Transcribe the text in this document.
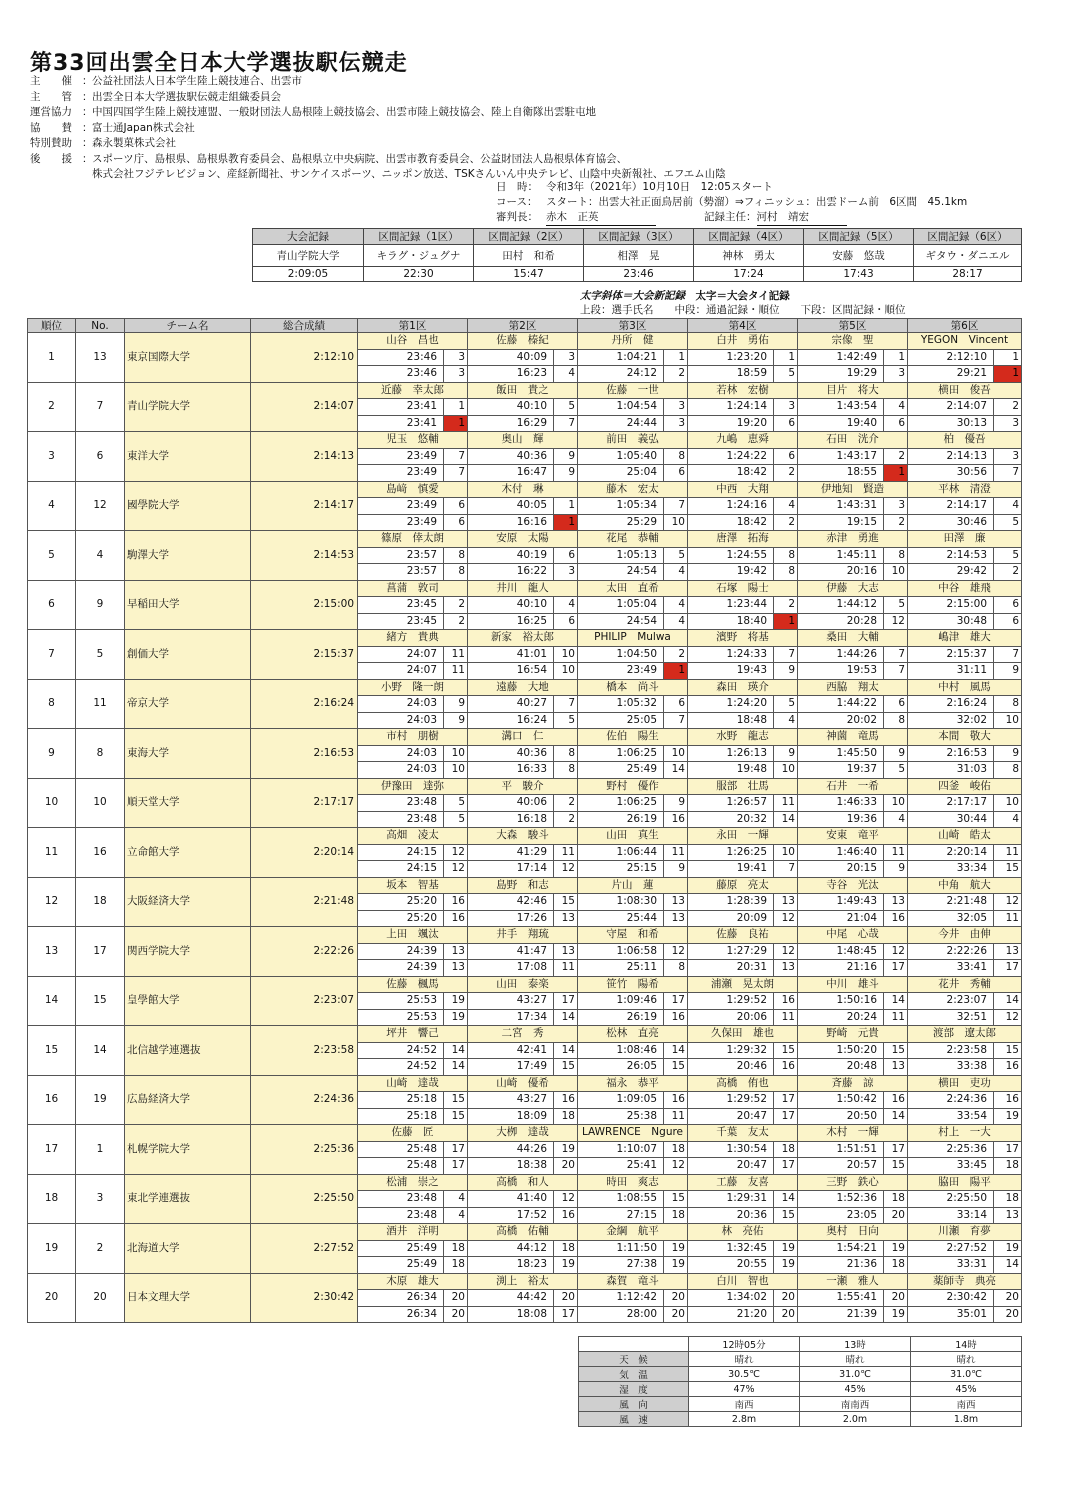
第33回出雲全日本大学選抜駅伝競走
主　　催 ： 公益社団法人日本学生陸上競技連合、出雲市
主　　管 ： 出雲全日本大学選抜駅伝競走組織委員会
運営協力 ： 中国四国学生陸上競技連盟、一般財団法人島根陸上競技協会、出雲市陸上競技協会、陸上自衛隊出雲駐屯地
協　　賛 ： 富士通Japan株式会社
特別賛助 ： 森永製菓株式会社
後　　援 ： スポーツ庁、島根県、島根県教育委員会、島根県立中央病院、出雲市教育委員会、公益財団法人島根県体育協会、
株式会社フジテレビジョン、産経新聞社、サンケイスポーツ、ニッポン放送、TSKさんいん中央テレビ、山陰中央新報社、エフエム山陰
日　時： 令和3年（2021年）10月10日　12:05スタート
コース： スタート：出雲大社正面鳥居前（勢溜）⇒フィニッシュ：出雲ドーム前　6区間　45.1km
審判長： 赤木　正英	記録主任： 河村　靖宏
大会記録	区間記録（1区）	区間記録（2区）	区間記録（3区）	区間記録（4区）	区間記録（5区）	区間記録（6区）
青山学院大学	キラグ・ジュグナ	田村　和希	相澤　晃	神林　勇太	安藤　悠哉	ギタウ・ダニエル
2:09:05	22:30	15:47	23:46	17:24	17:43	28:17
太字斜体＝大会新記録　 太字＝大会タイ記録
上段：選手氏名　　中段：通過記録・順位　　下段：区間記録・順位
順位	No.	チーム名	総合成績	第1区		第2区		第3区		第4区		第5区		第6区	
1	13	東京国際大学	2:12:10	山谷　昌也		佐藤　榛紀		丹所　健		白井　勇佑		宗像　聖		YEGON　Vincent	
				23:46	3	40:09	3	1:04:21	1	1:23:20	1	1:42:49	1	2:12:10	1
				23:46	3	16:23	4	24:12	2	18:59	5	19:29	3	29:21	1
2	7	青山学院大学	2:14:07	近藤　幸太郎		飯田　貴之		佐藤　一世		若林　宏樹		目片　将大		横田　俊吾	
				23:41	1	40:10	5	1:04:54	3	1:24:14	3	1:43:54	4	2:14:07	2
				23:41	1	16:29	7	24:44	3	19:20	6	19:40	6	30:13	3
3	6	東洋大学	2:14:13	児玉　悠輔		奥山　輝		前田　義弘		九嶋　恵舜		石田　洸介		柏　優吾	
				23:49	7	40:36	9	1:05:40	8	1:24:22	6	1:43:17	2	2:14:13	3
				23:49	7	16:47	9	25:04	6	18:42	2	18:55	1	30:56	7
4	12	國學院大学	2:14:17	島﨑　慎愛		木付　琳		藤木　宏太		中西　大翔		伊地知　賢造		平林　清澄	
				23:49	6	40:05	1	1:05:34	7	1:24:16	4	1:43:31	3	2:14:17	4
				23:49	6	16:16	1	25:29	10	18:42	2	19:15	2	30:46	5
5	4	駒澤大学	2:14:53	篠原　倖太朗		安原　太陽		花尾　恭輔		唐澤　拓海		赤津　勇進		田澤　廉	
				23:57	8	40:19	6	1:05:13	5	1:24:55	8	1:45:11	8	2:14:53	5
				23:57	8	16:22	3	24:54	4	19:42	8	20:16	10	29:42	2
6	9	早稲田大学	2:15:00	菖蒲　敦司		井川　龍人		太田　直希		石塚　陽士		伊藤　大志		中谷　雄飛	
				23:45	2	40:10	4	1:05:04	4	1:23:44	2	1:44:12	5	2:15:00	6
				23:45	2	16:25	6	24:54	4	18:40	1	20:28	12	30:48	6
7	5	創価大学	2:15:37	緒方　貴典		新家　裕太郎		PHILIP　Mulwa		濱野　将基		桑田　大輔		嶋津　雄大	
				24:07	11	41:01	10	1:04:50	2	1:24:33	7	1:44:26	7	2:15:37	7
				24:07	11	16:54	10	23:49	1	19:43	9	19:53	7	31:11	9
8	11	帝京大学	2:16:24	小野　隆一朗		遠藤　大地		橋本　尚斗		森田　瑛介		西脇　翔太		中村　風馬	
				24:03	9	40:27	7	1:05:32	6	1:24:20	5	1:44:22	6	2:16:24	8
				24:03	9	16:24	5	25:05	7	18:48	4	20:02	8	32:02	10
9	8	東海大学	2:16:53	市村　朋樹		溝口　仁		佐伯　陽生		水野　龍志		神薗　竜馬		本間　敬大	
				24:03	10	40:36	8	1:06:25	10	1:26:13	9	1:45:50	9	2:16:53	9
				24:03	10	16:33	8	25:49	14	19:48	10	19:37	5	31:03	8
10	10	順天堂大学	2:17:17	伊豫田　達弥		平　駿介		野村　優作		服部　壮馬		石井　一希		四釜　峻佑	
				23:48	5	40:06	2	1:06:25	9	1:26:57	11	1:46:33	10	2:17:17	10
				23:48	5	16:18	2	26:19	16	20:32	14	19:36	4	30:44	4
11	16	立命館大学	2:20:14	高畑　凌太		大森　駿斗		山田　真生		永田　一輝		安東　竜平		山崎　皓太	
				24:15	12	41:29	11	1:06:44	11	1:26:25	10	1:46:40	11	2:20:14	11
				24:15	12	17:14	12	25:15	9	19:41	7	20:15	9	33:34	15
12	18	大阪経済大学	2:21:48	坂本　智基		島野　和志		片山　蓮		藤原　亮太		寺谷　光汰		中角　航大	
				25:20	16	42:46	15	1:08:30	13	1:28:39	13	1:49:43	13	2:21:48	12
				25:20	16	17:26	13	25:44	13	20:09	12	21:04	16	32:05	11
13	17	関西学院大学	2:22:26	上田　颯汰		井手　翔琉		守屋　和希		佐藤　良祐		中尾　心哉		今井　由伸	
				24:39	13	41:47	13	1:06:58	12	1:27:29	12	1:48:45	12	2:22:26	13
				24:39	13	17:08	11	25:11	8	20:31	13	21:16	17	33:41	17
14	15	皇學館大学	2:23:07	佐藤　楓馬		山田　泰楽		笹竹　陽希		浦瀬　晃太朗		中川　雄斗		花井　秀輔	
				25:53	19	43:27	17	1:09:46	17	1:29:52	16	1:50:16	14	2:23:07	14
				25:53	19	17:34	14	26:19	16	20:06	11	20:24	11	32:51	12
15	14	北信越学連選抜	2:23:58	坪井　響己		二宮　秀		松林　直亮		久保田　雄也		野崎　元貴		渡部　遼太郎	
				24:52	14	42:41	14	1:08:46	14	1:29:32	15	1:50:20	15	2:23:58	15
				24:52	14	17:49	15	26:05	15	20:46	16	20:48	13	33:38	16
16	19	広島経済大学	2:24:36	山崎　達哉		山崎　優希		福永　恭平		高橋　侑也		斉藤　諒		横田　吏功	
				25:18	15	43:27	16	1:09:05	16	1:29:52	17	1:50:42	16	2:24:36	16
				25:18	15	18:09	18	25:38	11	20:47	17	20:50	14	33:54	19
17	1	札幌学院大学	2:25:36	佐藤　匠		大栁　達哉		LAWRENCE　Ngure		千葉　友太		木村　一輝		村上　一大	
				25:48	17	44:26	19	1:10:07	18	1:30:54	18	1:51:51	17	2:25:36	17
				25:48	17	18:38	20	25:41	12	20:47	17	20:57	15	33:45	18
18	3	東北学連選抜	2:25:50	松浦　崇之		高橋　和人		時田　爽志		工藤　友喜		三野　鉄心		脇田　陽平	
				23:48	4	41:40	12	1:08:55	15	1:29:31	14	1:52:36	18	2:25:50	18
				23:48	4	17:52	16	27:15	18	20:36	15	23:05	20	33:14	13
19	2	北海道大学	2:27:52	酒井　洋明		高橋　佑輔		金綱　航平		林　亮佑		奥村　日向		川瀬　育夢	
				25:49	18	44:12	18	1:11:50	19	1:32:45	19	1:54:21	19	2:27:52	19
				25:49	18	18:23	19	27:38	19	20:55	19	21:36	18	33:31	14
20	20	日本文理大学	2:30:42	木原　雄大		渕上　裕太		森賀　竜斗		白川　智也		一瀬　雅人		薬師寺　典亮	
				26:34	20	44:42	20	1:12:42	20	1:34:02	20	1:55:41	20	2:30:42	20
				26:34	20	18:08	17	28:00	20	21:20	20	21:39	19	35:01	20
	12時05分	13時	14時
天　候	晴れ	晴れ	晴れ
気　温	30.5℃	31.0℃	31.0℃
湿　度	47%	45%	45%
風　向	南西	南南西	南西
風　速	2.8m	2.0m	1.8m
